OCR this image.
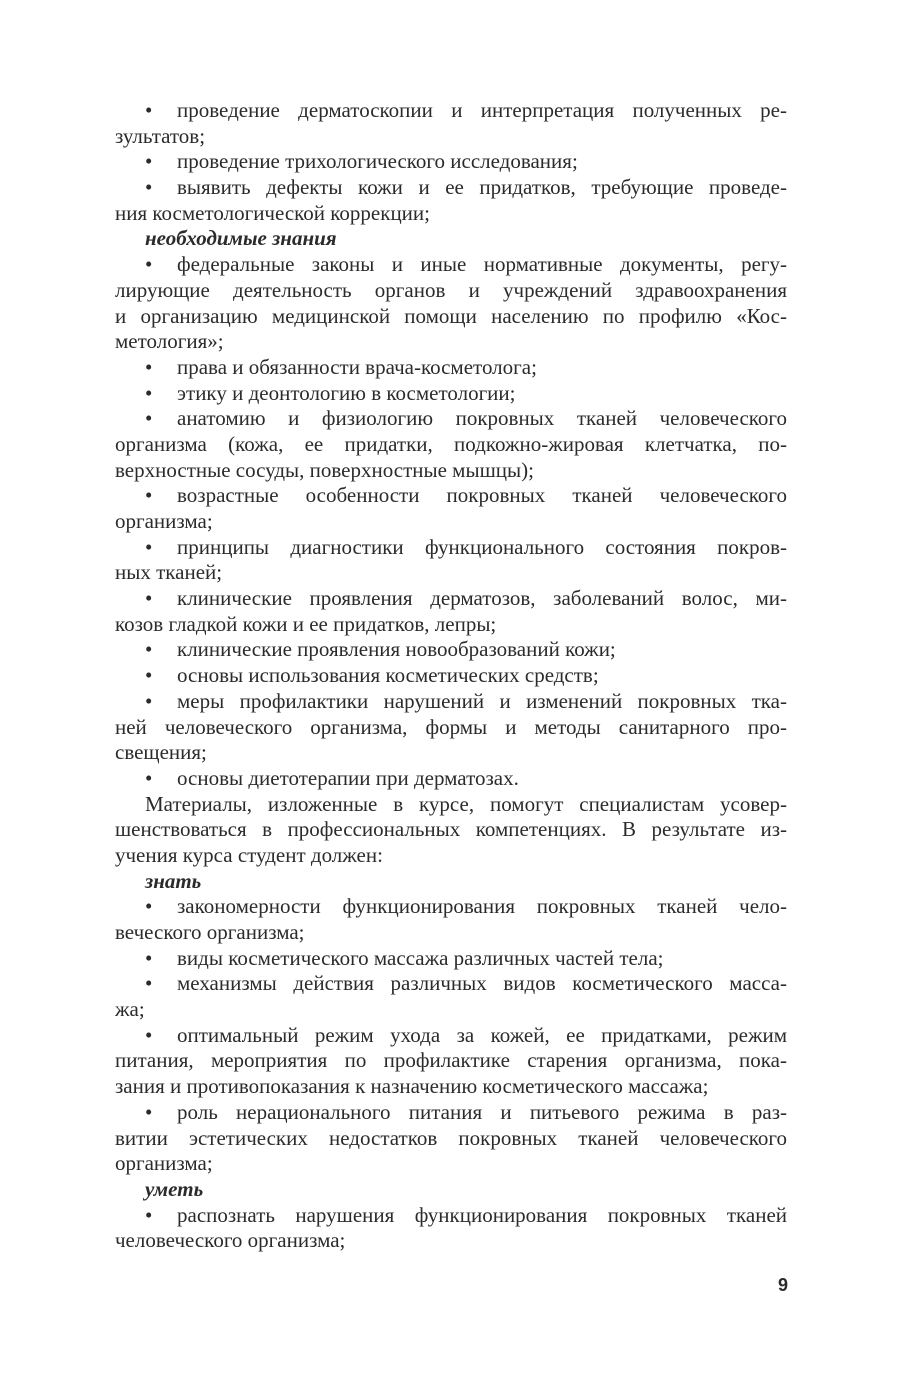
• проведение дерматоскопии и интерпретация полученных ре-
зультатов;
• проведение трихологического исследования;
• выявить дефекты кожи и ее придатков, требующие проведе-
ния косметологической коррекции;
необходимые знания
• федеральные законы и иные нормативные документы, регу-
лирующие деятельность органов и учреждений здравоохранения
и организацию медицинской помощи населению по профилю «Кос-
метология»;
• права и обязанности врача-косметолога;
• этику и деонтологию в косметологии;
• анатомию и физиологию покровных тканей человеческого
организма (кожа, ее придатки, подкожно-жировая клетчатка, по-
верхностные сосуды, поверхностные мышцы);
• возрастные особенности покровных тканей человеческого
организма;
• принципы диагностики функционального состояния покров-
ных тканей;
• клинические проявления дерматозов, заболеваний волос, ми-
козов гладкой кожи и ее придатков, лепры;
• клинические проявления новообразований кожи;
• основы использования косметических средств;
• меры профилактики нарушений и изменений покровных тка-
ней человеческого организма, формы и методы санитарного про-
свещения;
• основы диетотерапии при дерматозах.
Материалы, изложенные в курсе, помогут специалистам усовер-
шенствоваться в профессиональных компетенциях. В результате из-
учения курса студент должен:
знать
• закономерности функционирования покровных тканей чело-
веческого организма;
• виды косметического массажа различных частей тела;
• механизмы действия различных видов косметического масса-
жа;
• оптимальный режим ухода за кожей, ее придатками, режим
питания, мероприятия по профилактике старения организма, пока-
зания и противопоказания к назначению косметического массажа;
• роль нерационального питания и питьевого режима в раз-
витии эстетических недостатков покровных тканей человеческого
организма;
уметь
• распознать нарушения функционирования покровных тканей
человеческого организма;
9
